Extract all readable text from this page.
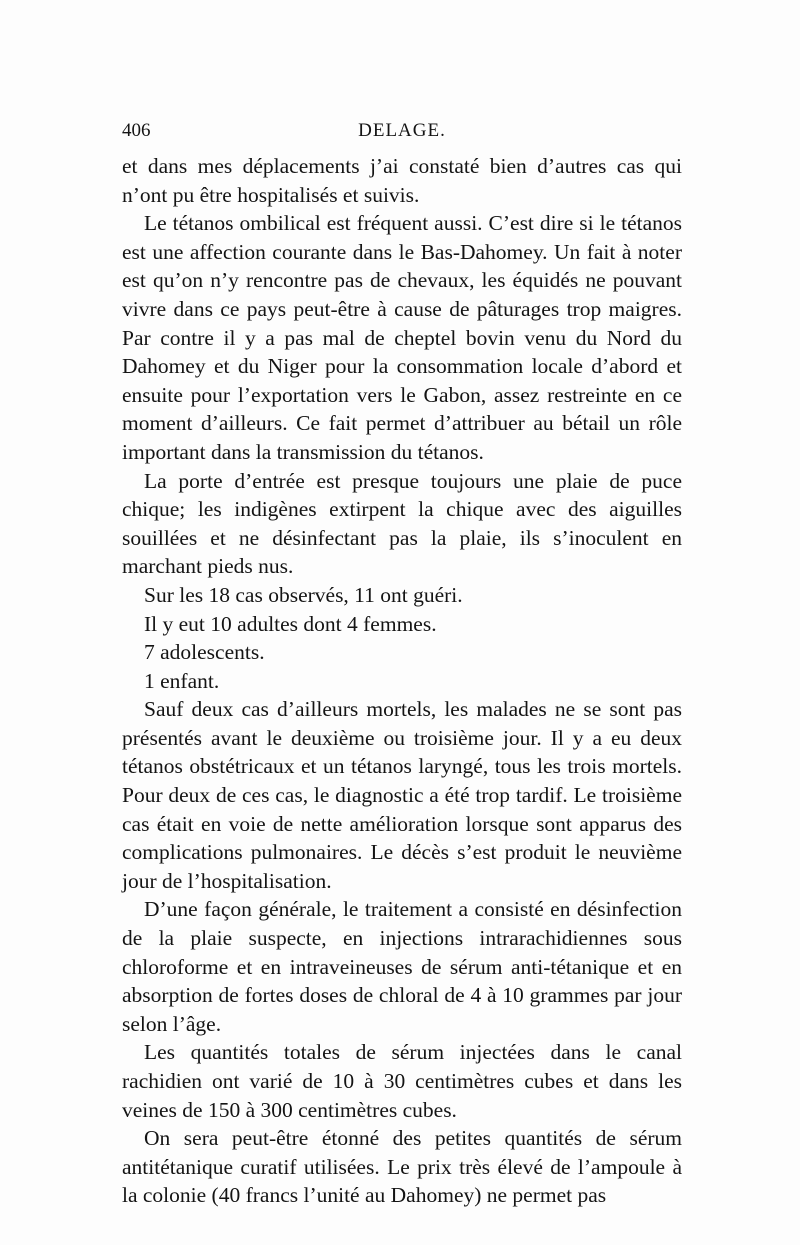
406	DELAGE.

et dans mes déplacements j’ai constaté bien d’autres cas qui n’ont pu être hospitalisés et suivis.

Le tétanos ombilical est fréquent aussi. C’est dire si le tétanos est une affection courante dans le Bas-Dahomey. Un fait à noter est qu’on n’y rencontre pas de chevaux, les équidés ne pouvant vivre dans ce pays peut-être à cause de pâturages trop maigres. Par contre il y a pas mal de cheptel bovin venu du Nord du Dahomey et du Niger pour la consommation locale d’abord et ensuite pour l’exportation vers le Gabon, assez restreinte en ce moment d’ailleurs. Ce fait permet d’attribuer au bétail un rôle important dans la transmission du tétanos.

La porte d’entrée est presque toujours une plaie de puce chique; les indigènes extirpent la chique avec des aiguilles souillées et ne désinfectant pas la plaie, ils s’inoculent en marchant pieds nus.

Sur les 18 cas observés, 11 ont guéri.

Il y eut 10 adultes dont 4 femmes.

7 adolescents.

1 enfant.

Sauf deux cas d’ailleurs mortels, les malades ne se sont pas présentés avant le deuxième ou troisième jour. Il y a eu deux tétanos obstétricaux et un tétanos laryngé, tous les trois mortels. Pour deux de ces cas, le diagnostic a été trop tardif. Le troisième cas était en voie de nette amélioration lorsque sont apparus des complications pulmonaires. Le décès s’est produit le neuvième jour de l’hospitalisation.

D’une façon générale, le traitement a consisté en désinfection de la plaie suspecte, en injections intrarachidiennes sous chloroforme et en intraveineuses de sérum anti-tétanique et en absorption de fortes doses de chloral de 4 à 10 grammes par jour selon l’âge.

Les quantités totales de sérum injectées dans le canal rachidien ont varié de 10 à 30 centimètres cubes et dans les veines de 150 à 300 centimètres cubes.

On sera peut-être étonné des petites quantités de sérum antitétanique curatif utilisées. Le prix très élevé de l’ampoule à la colonie (40 francs l’unité au Dahomey) ne permet pas
